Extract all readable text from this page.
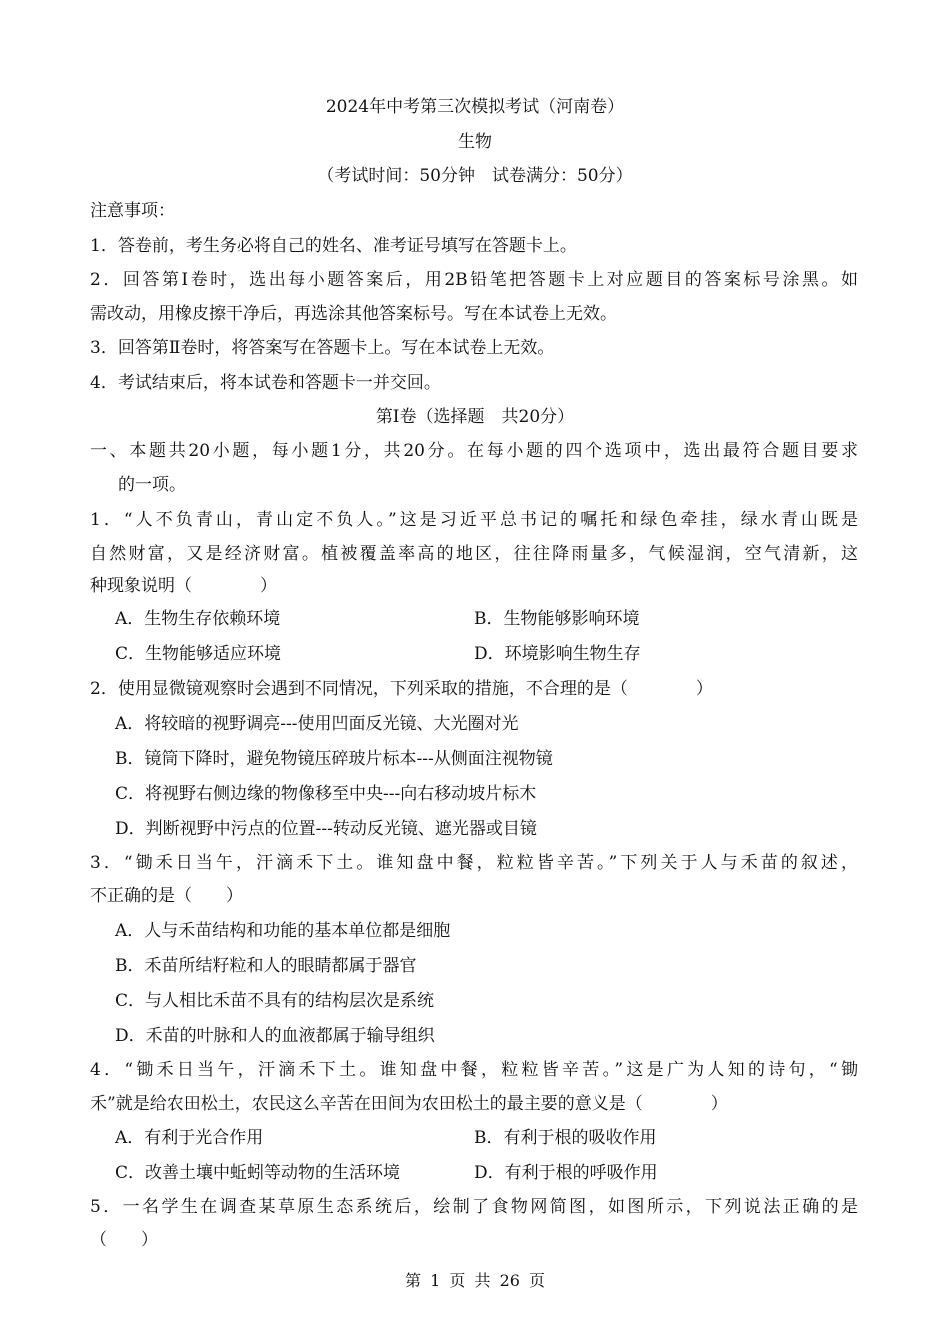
2024年中考第三次模拟考试（河南卷）
生物
（考试时间：50分钟　试卷满分：50分）
注意事项：
1．答卷前，考生务必将自己的姓名、准考证号填写在答题卡上。
2．回答第Ⅰ卷时，选出每小题答案后，用2B铅笔把答题卡上对应题目的答案标号涂黑。如
需改动，用橡皮擦干净后，再选涂其他答案标号。写在本试卷上无效。
3．回答第Ⅱ卷时，将答案写在答题卡上。写在本试卷上无效。
4．考试结束后，将本试卷和答题卡一并交回。
第Ⅰ卷（选择题　共20分）
一、本题共20小题，每小题1分，共20分。在每小题的四个选项中，选出最符合题目要求
的一项。
1．“人不负青山，青山定不负人。”这是习近平总书记的嘱托和绿色牵挂，绿水青山既是
自然财富，又是经济财富。植被覆盖率高的地区，往往降雨量多，气候湿润，空气清新，这
种现象说明（　　　　）
A．生物生存依赖环境	B．生物能够影响环境
C．生物能够适应环境	D．环境影响生物生存
2．使用显微镜观察时会遇到不同情况，下列采取的措施，不合理的是（　　　　）
A．将较暗的视野调亮---使用凹面反光镜、大光圈对光
B．镜筒下降时，避免物镜压碎玻片标本---从侧面注视物镜
C．将视野右侧边缘的物像移至中央---向右移动坡片标木
D．判断视野中污点的位置---转动反光镜、遮光器或目镜
3．“锄禾日当午，汗滴禾下土。谁知盘中餐，粒粒皆辛苦。”下列关于人与禾苗的叙述，
不正确的是（　　）
A．人与禾苗结构和功能的基本单位都是细胞
B．禾苗所结籽粒和人的眼睛都属于器官
C．与人相比禾苗不具有的结构层次是系统
D．禾苗的叶脉和人的血液都属于输导组织
4．“锄禾日当午，汗滴禾下土。谁知盘中餐，粒粒皆辛苦。”这是广为人知的诗句，“锄
禾”就是给农田松土，农民这么辛苦在田间为农田松土的最主要的意义是（　　　　）
A．有利于光合作用	B．有利于根的吸收作用
C．改善土壤中蚯蚓等动物的生活环境	D．有利于根的呼吸作用
5．一名学生在调查某草原生态系统后，绘制了食物网简图，如图所示，下列说法正确的是
（　　）
第 1 页 共 26 页
